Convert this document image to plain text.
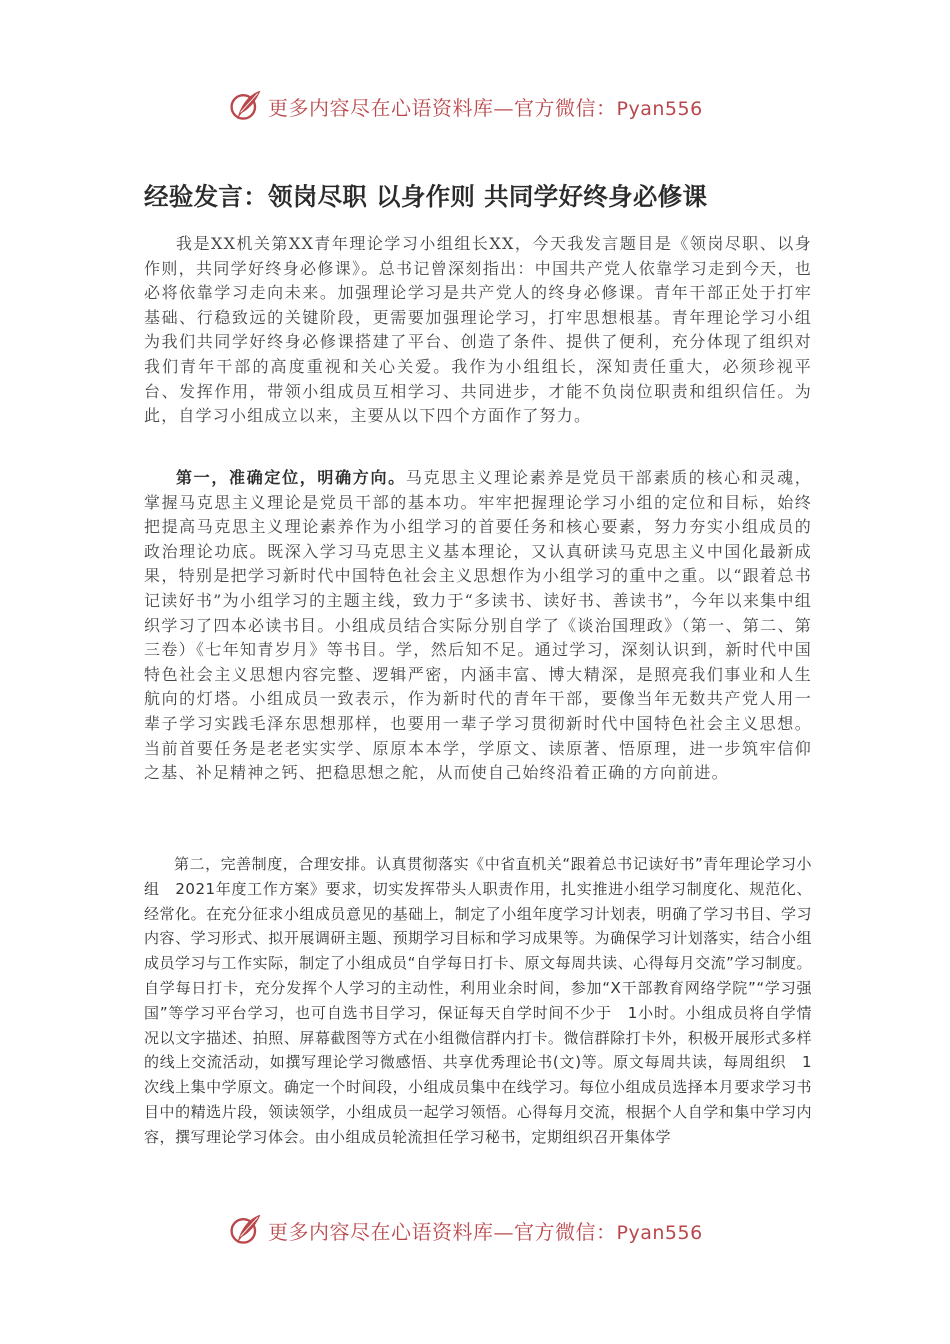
更多内容尽在心语资料库—官方微信：Pyan556
经验发言：领岗尽职 以身作则 共同学好终身必修课

我是XX机关第XX青年理论学习小组组长XX，今天我发言题目是《领岗尽职、以身作则，共同学好终身必修课》。总书记曾深刻指出：中国共产党人依靠学习走到今天，也必将依靠学习走向未来。加强理论学习是共产党人的终身必修课。青年干部正处于打牢基础、行稳致远的关键阶段，更需要加强理论学习，打牢思想根基。青年理论学习小组为我们共同学好终身必修课搭建了平台、创造了条件、提供了便利，充分体现了组织对我们青年干部的高度重视和关心关爱。我作为小组组长，深知责任重大，必须珍视平台、发挥作用，带领小组成员互相学习、共同进步，才能不负岗位职责和组织信任。为此，自学习小组成立以来，主要从以下四个方面作了努力。

第一，准确定位，明确方向。马克思主义理论素养是党员干部素质的核心和灵魂，掌握马克思主义理论是党员干部的基本功。牢牢把握理论学习小组的定位和目标，始终把提高马克思主义理论素养作为小组学习的首要任务和核心要素，努力夯实小组成员的政治理论功底。既深入学习马克思主义基本理论，又认真研读马克思主义中国化最新成果，特别是把学习新时代中国特色社会主义思想作为小组学习的重中之重。以“跟着总书记读好书”为小组学习的主题主线，致力于“多读书、读好书、善读书”，今年以来集中组织学习了四本必读书目。小组成员结合实际分别自学了《谈治国理政》（第一、第二、第三卷）《七年知青岁月》等书目。学，然后知不足。通过学习，深刻认识到，新时代中国特色社会主义思想内容完整、逻辑严密，内涵丰富、博大精深，是照亮我们事业和人生航向的灯塔。小组成员一致表示，作为新时代的青年干部，要像当年无数共产党人用一辈子学习实践毛泽东思想那样，也要用一辈子学习贯彻新时代中国特色社会主义思想。当前首要任务是老老实实学、原原本本学，学原文、读原著、悟原理，进一步筑牢信仰之基、补足精神之钙、把稳思想之舵，从而使自己始终沿着正确的方向前进。

第二，完善制度，合理安排。认真贯彻落实《中省直机关“跟着总书记读好书”青年理论学习小组　2021年度工作方案》要求，切实发挥带头人职责作用，扎实推进小组学习制度化、规范化、经常化。在充分征求小组成员意见的基础上，制定了小组年度学习计划表，明确了学习书目、学习内容、学习形式、拟开展调研主题、预期学习目标和学习成果等。为确保学习计划落实，结合小组成员学习与工作实际，制定了小组成员“自学每日打卡、原文每周共读、心得每月交流”学习制度。自学每日打卡，充分发挥个人学习的主动性，利用业余时间，参加“X干部教育网络学院”“学习强国”等学习平台学习，也可自选书目学习，保证每天自学时间不少于　1小时。小组成员将自学情况以文字描述、拍照、屏幕截图等方式在小组微信群内打卡。微信群除打卡外，积极开展形式多样的线上交流活动，如撰写理论学习微感悟、共享优秀理论书(文)等。原文每周共读，每周组织　1次线上集中学原文。确定一个时间段，小组成员集中在线学习。每位小组成员选择本月要求学习书目中的精选片段，领读领学，小组成员一起学习领悟。心得每月交流，根据个人自学和集中学习内容，撰写理论学习体会。由小组成员轮流担任学习秘书，定期组织召开集体学

更多内容尽在心语资料库—官方微信：Pyan556
